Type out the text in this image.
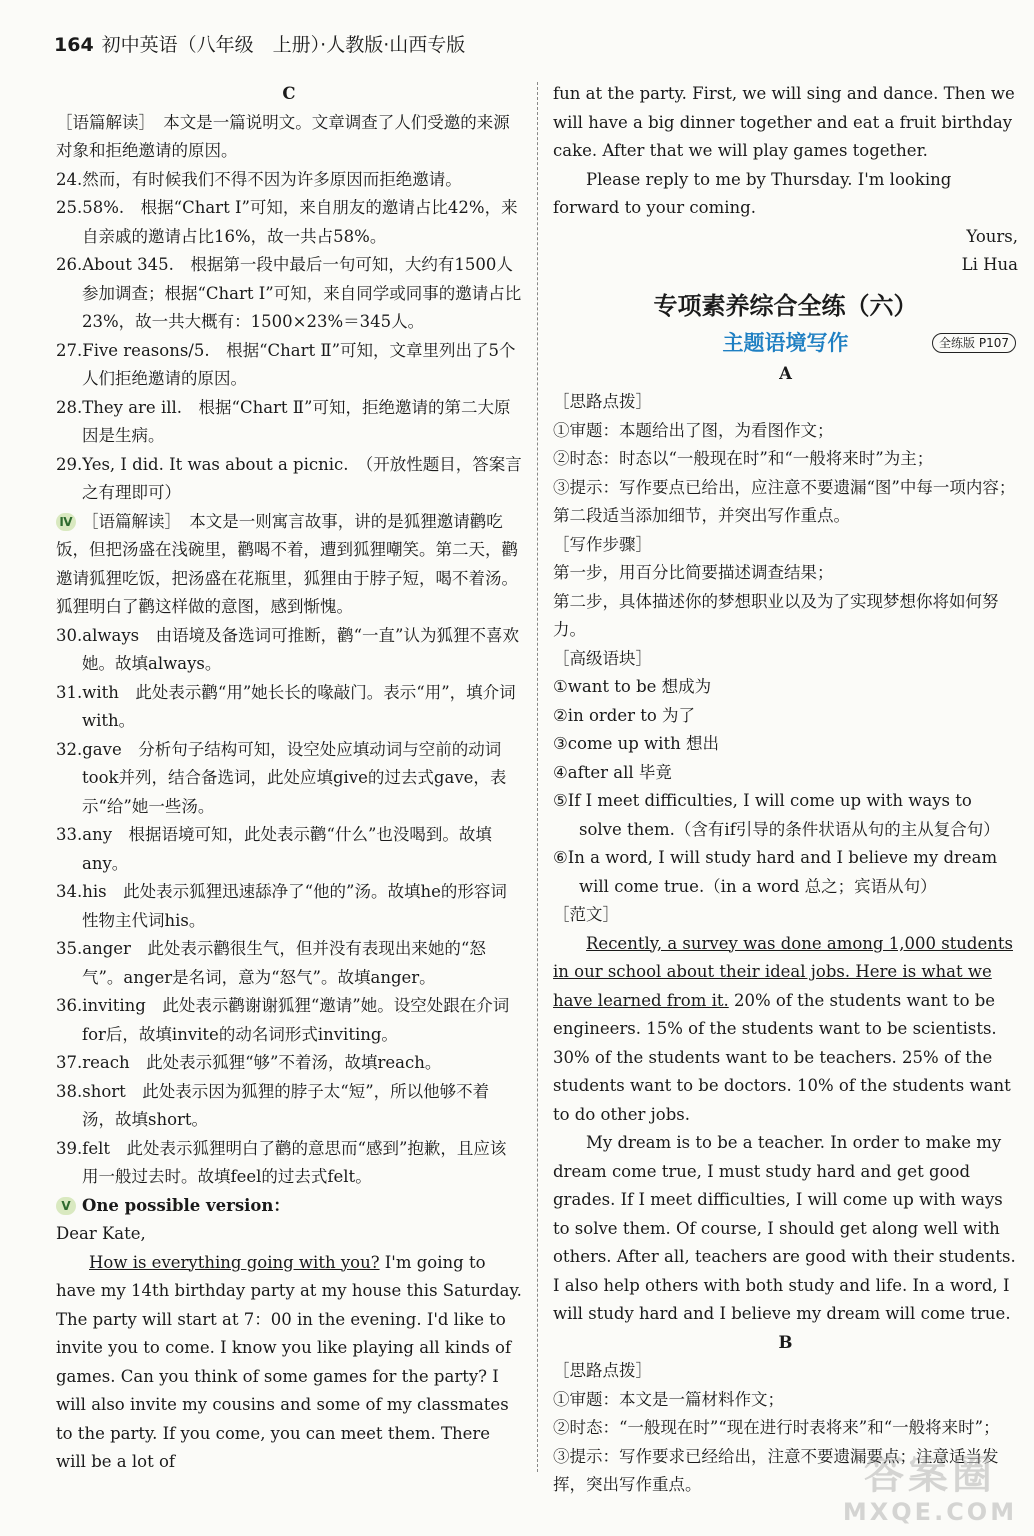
164 初中英语（八年级　上册）·人教版·山西专版

C

［语篇解读］　本文是一篇说明文。文章调查了人们受邀的来源对象和拒绝邀请的原因。

24.然而，有时候我们不得不因为许多原因而拒绝邀请。

25.58%.　根据“Chart Ⅰ”可知，来自朋友的邀请占比42%，来自亲戚的邀请占比16%，故一共占58%。

26.About 345.　根据第一段中最后一句可知，大约有1500人参加调查；根据“Chart I”可知，来自同学或同事的邀请占比23%，故一共大概有：1500×23%＝345人。

27.Five reasons/5.　根据“Chart Ⅱ”可知，文章里列出了5个人们拒绝邀请的原因。

28.They are ill.　根据“Chart Ⅱ”可知，拒绝邀请的第二大原因是生病。

29.Yes, I did. It was about a picnic.　（开放性题目，答案言之有理即可）

Ⅳ ［语篇解读］　本文是一则寓言故事，讲的是狐狸邀请鹳吃饭，但把汤盛在浅碗里，鹳喝不着，遭到狐狸嘲笑。第二天，鹳邀请狐狸吃饭，把汤盛在花瓶里，狐狸由于脖子短，喝不着汤。狐狸明白了鹳这样做的意图，感到惭愧。

30.always　由语境及备选词可推断，鹳“一直”认为狐狸不喜欢她。故填always。

31.with　此处表示鹳“用”她长长的喙敲门。表示“用”，填介词with。

32.gave　分析句子结构可知，设空处应填动词与空前的动词took并列，结合备选词，此处应填give的过去式gave，表示“给”她一些汤。

33.any　根据语境可知，此处表示鹳“什么”也没喝到。故填any。

34.his　此处表示狐狸迅速舔净了“他的”汤。故填he的形容词性物主代词his。

35.anger　此处表示鹳很生气，但并没有表现出来她的“怒气”。anger是名词，意为“怒气”。故填anger。

36.inviting　此处表示鹳谢谢狐狸“邀请”她。设空处跟在介词for后，故填invite的动名词形式inviting。

37.reach　此处表示狐狸“够”不着汤，故填reach。

38.short　此处表示因为狐狸的脖子太“短”，所以他够不着汤，故填short。

39.felt　此处表示狐狸明白了鹳的意思而“感到”抱歉，且应该用一般过去时。故填feel的过去式felt。

Ⅴ One possible version：

Dear Kate,

How is everything going with you? I'm going to have my 14th birthday party at my house this Saturday. The party will start at 7：00 in the evening. I'd like to invite you to come. I know you like playing all kinds of games. Can you think of some games for the party? I will also invite my cousins and some of my classmates to the party. If you come, you can meet them. There will be a lot of

fun at the party. First, we will sing and dance. Then we will have a big dinner together and eat a fruit birthday cake. After that we will play games together.

Please reply to me by Thursday. I'm looking forward to your coming.

Yours,

Li Hua

专项素养综合全练（六）

主题语境写作	全练版 P107

A

［思路点拨］

①审题：本题给出了图，为看图作文；

②时态：时态以“一般现在时”和“一般将来时”为主；

③提示：写作要点已给出，应注意不要遗漏“图”中每一项内容；第二段适当添加细节，并突出写作重点。

［写作步骤］

第一步，用百分比简要描述调查结果；

第二步，具体描述你的梦想职业以及为了实现梦想你将如何努力。

［高级语块］

①want to be 想成为

②in order to 为了

③come up with 想出

④after all 毕竟

⑤If I meet difficulties, I will come up with ways to solve them.（含有if引导的条件状语从句的主从复合句）

⑥In a word, I will study hard and I believe my dream will come true.（in a word 总之；宾语从句）

［范文］

Recently, a survey was done among 1,000 students in our school about their ideal jobs. Here is what we have learned from it. 20% of the students want to be engineers. 15% of the students want to be scientists. 30% of the students want to be teachers. 25% of the students want to be doctors. 10% of the students want to do other jobs.

My dream is to be a teacher. In order to make my dream come true, I must study hard and get good grades. If I meet difficulties, I will come up with ways to solve them. Of course, I should get along well with others. After all, teachers are good with their students. I also help others with both study and life. In a word, I will study hard and I believe my dream will come true.

B

［思路点拨］

①审题：本文是一篇材料作文；

②时态：“一般现在时”“现在进行时表将来”和“一般将来时”；

③提示：写作要求已经给出，注意不要遗漏要点；注意适当发挥，突出写作重点。	答案圈
MXQE.COM
